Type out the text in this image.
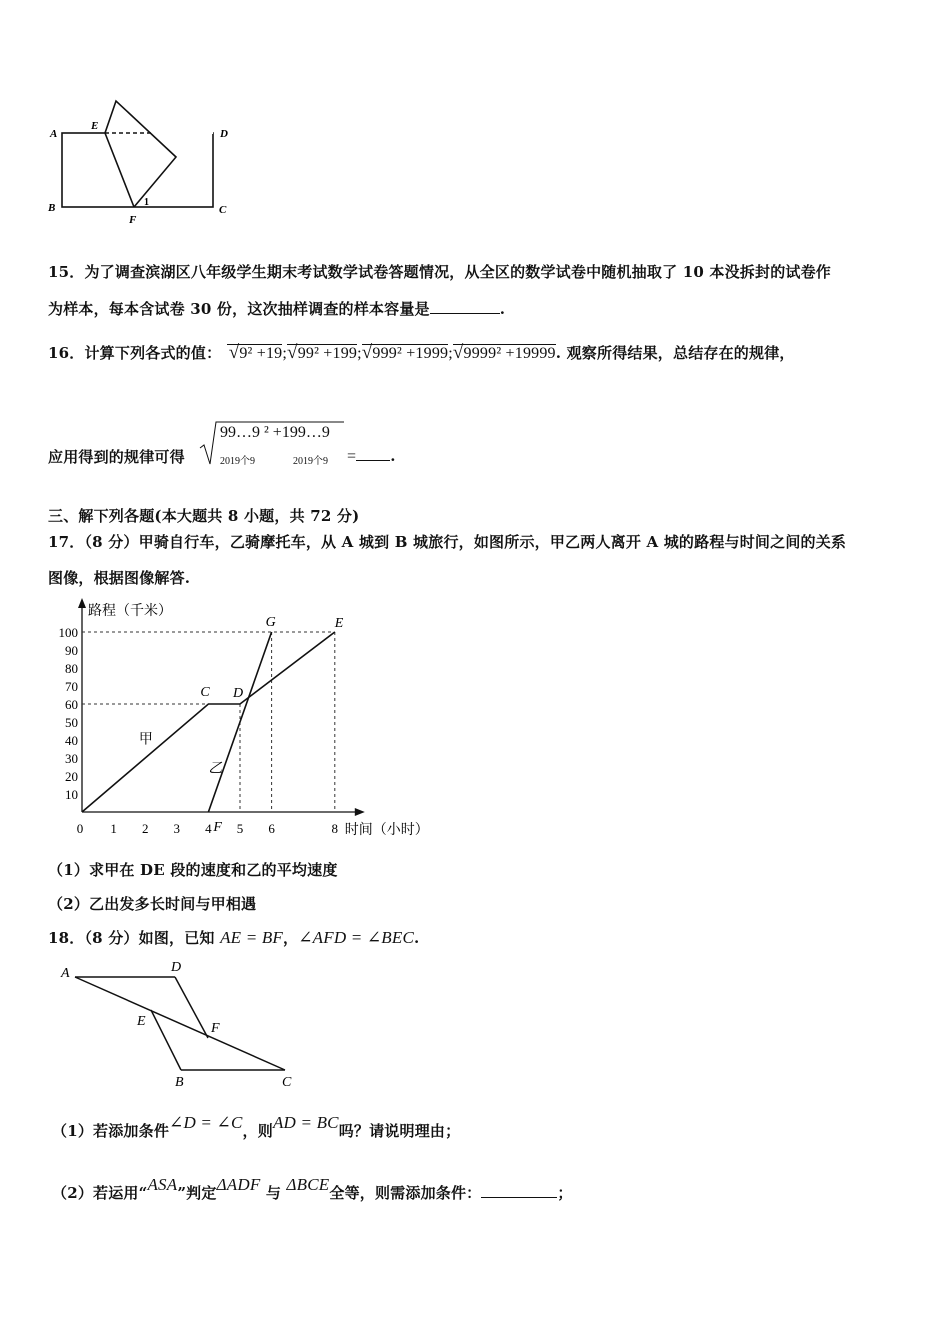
A
E
D
B
F
C
1
15．为了调查滨湖区八年级学生期末考试数学试卷答题情况，从全区的数学试卷中随机抽取了 10 本没拆封的试卷作
为样本，每本含试卷 30 份，这次抽样调查的样本容量是	.
16．计算下列各式的值： √9² +19;√99² +199;√999² +1999;√9999² +19999. 观察所得结果，总结存在的规律，
应用得到的规律可得
99…9 ² +199…9
2019个9	2019个9 = .
三、解下列各题(本大题共 8 小题，共 72 分)
17．（8 分）甲骑自行车，乙骑摩托车，从 A 城到 B 城旅行，如图所示，甲乙两人离开 A 城的路程与时间之间的关系
图像，根据图像解答.
路程（千米）
时间（小时）
10
20
30
40
50
60
70
80
90
100
0 1 2 3 4 5 6	8
甲
乙
C D
E
G
F
（1）求甲在 DE 段的速度和乙的平均速度
（2）乙出发多长时间与甲相遇
18．（8 分）如图，已知 AE = BF，∠AFD = ∠BEC.
A	D
E	F
B	C
（1）若添加条件∠D = ∠C，则AD = BC吗？请说明理由；
（2）若运用“ASA”判定ΔADF 与 ΔBCE全等，则需添加条件：	；
